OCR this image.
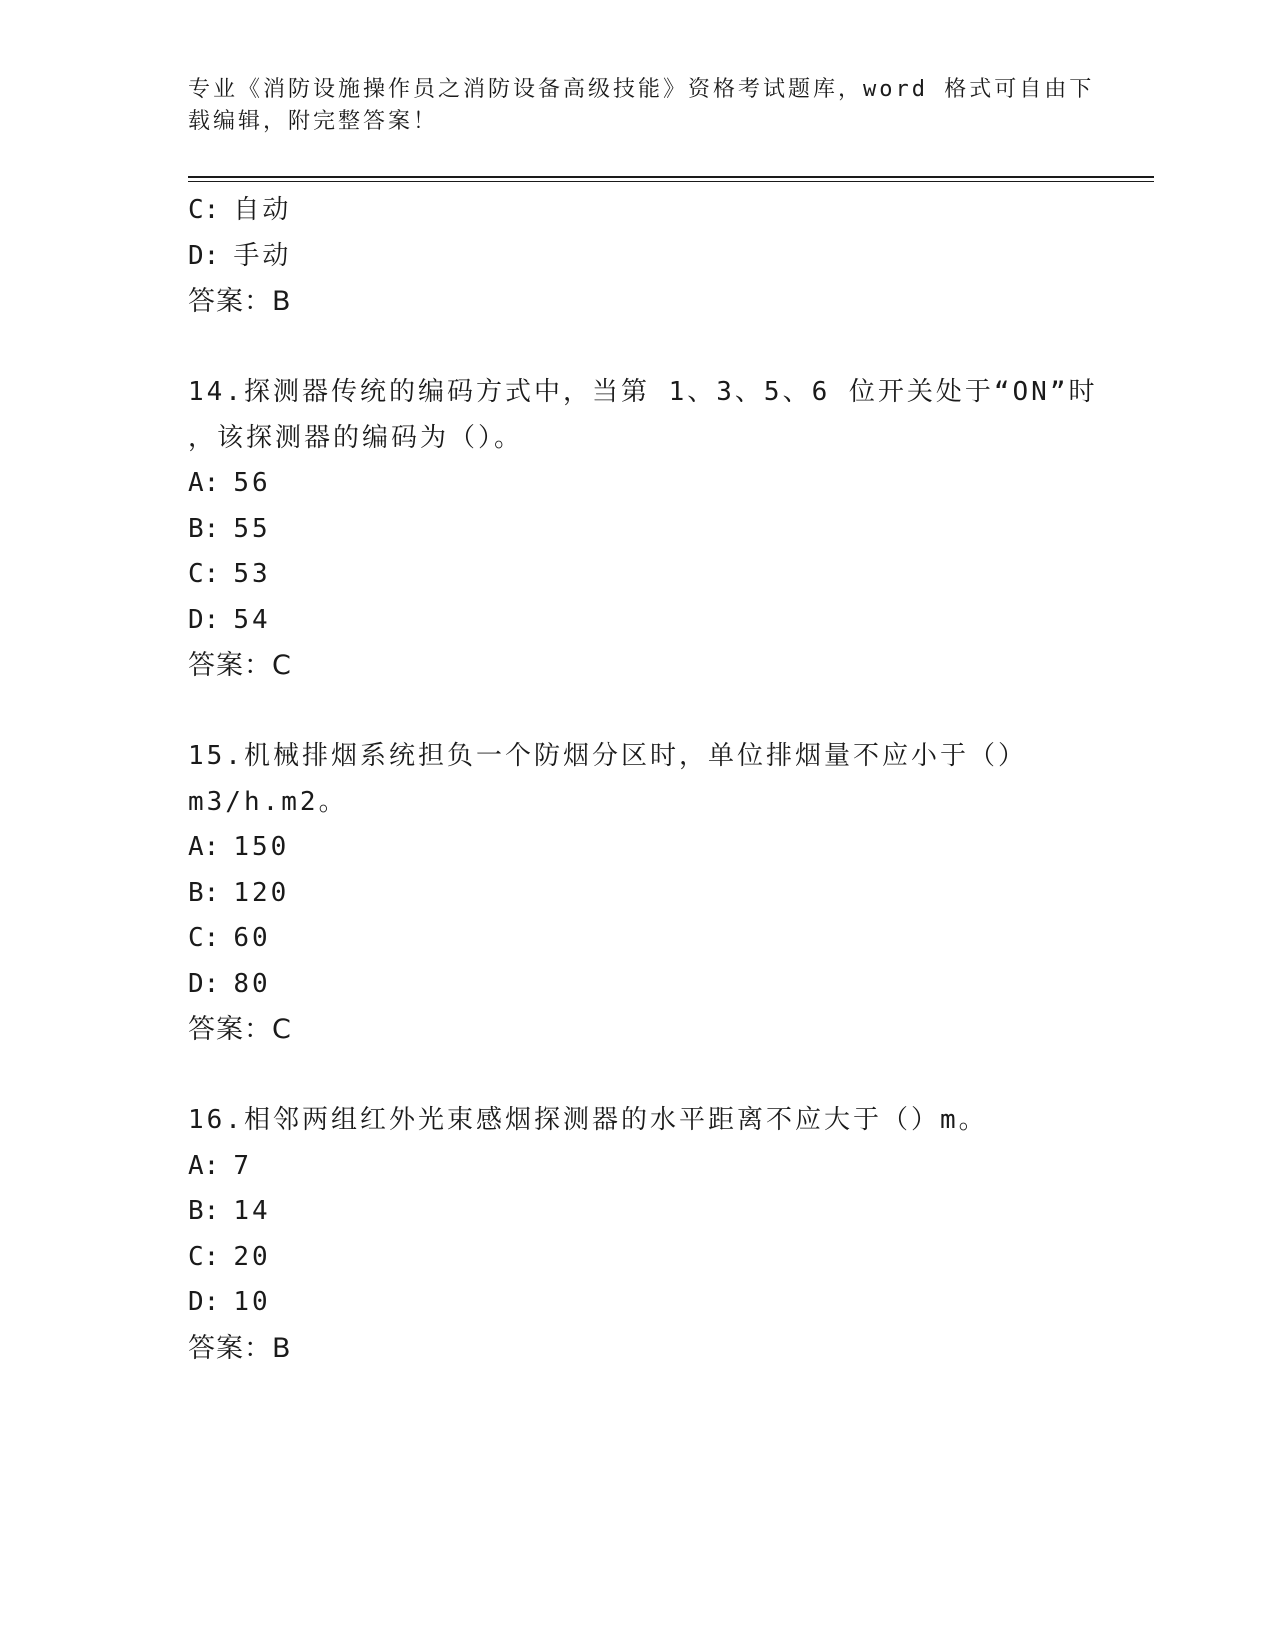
专业《消防设施操作员之消防设备高级技能》资格考试题库，word 格式可自由下
载编辑，附完整答案！
C: 自动
D: 手动
答案：B
14.探测器传统的编码方式中，当第 1、3、5、6 位开关处于“ON”时
，该探测器的编码为（）。
A: 56
B: 55
C: 53
D: 54
答案：C
15.机械排烟系统担负一个防烟分区时，单位排烟量不应小于（）
m3/h.m2。
A: 150
B: 120
C: 60
D: 80
答案：C
16.相邻两组红外光束感烟探测器的水平距离不应大于（）m。
A: 7
B: 14
C: 20
D: 10
答案：B
